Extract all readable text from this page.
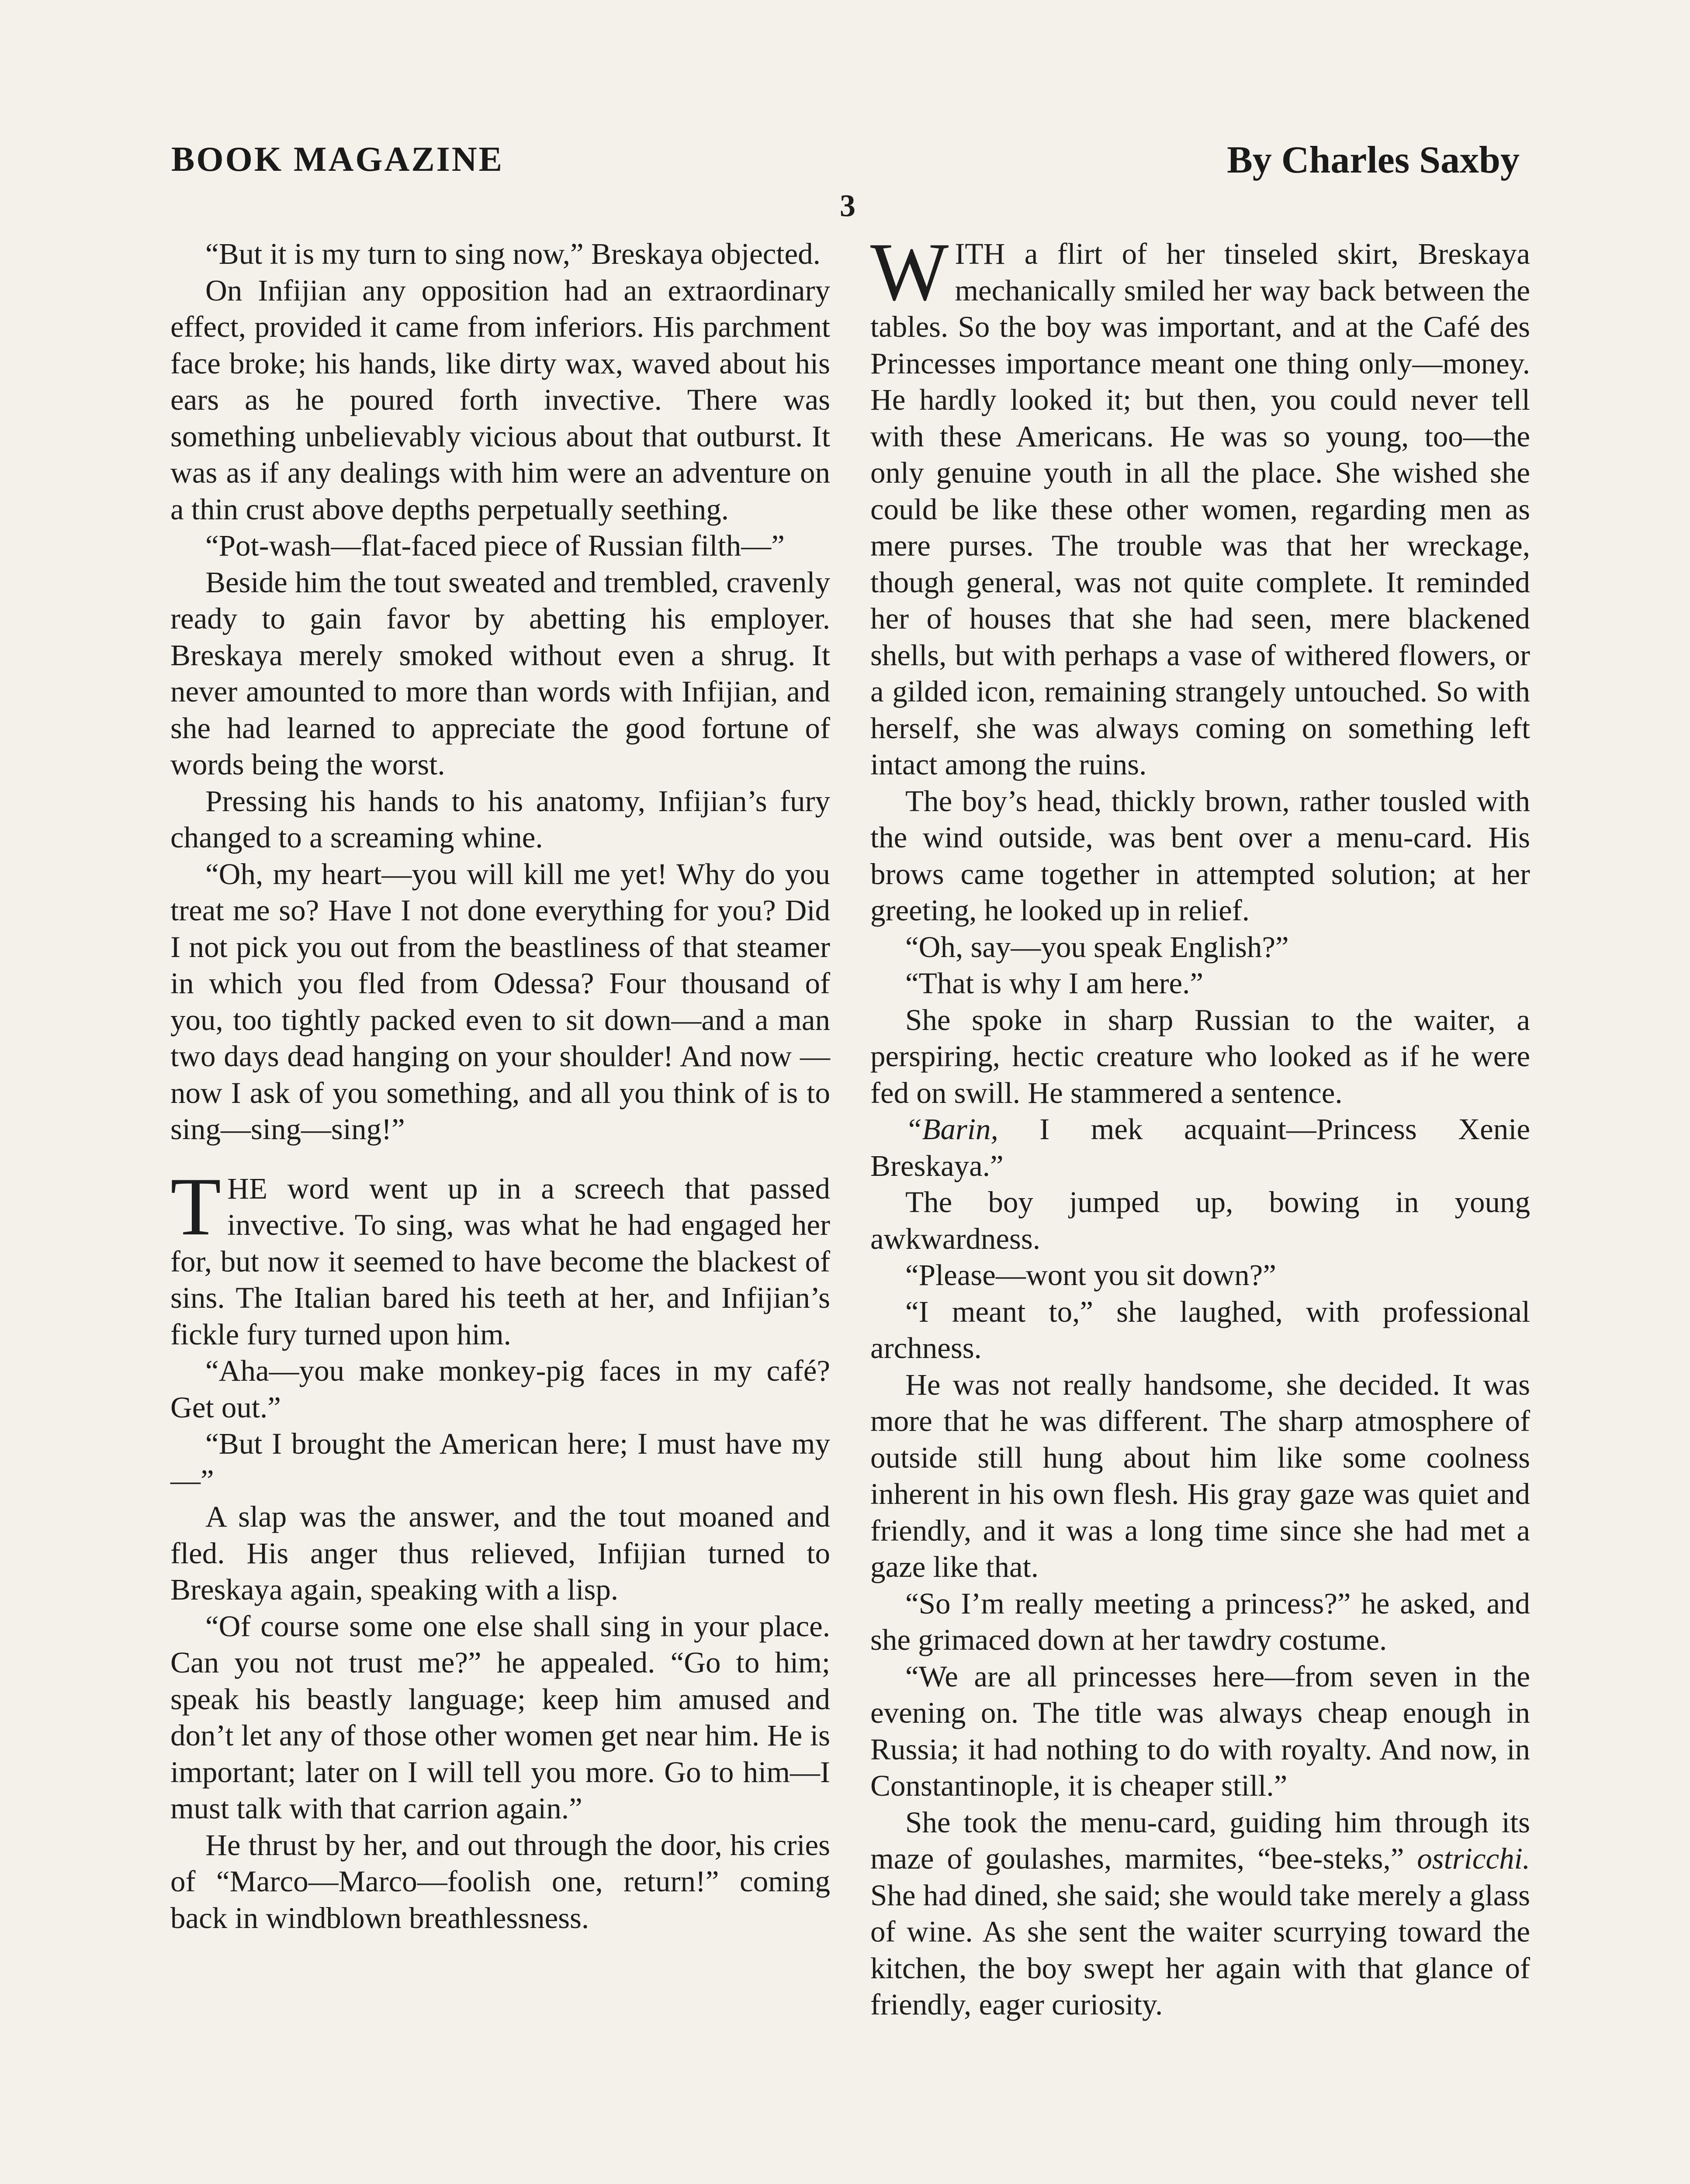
BOOK MAGAZINE	By Charles Saxby
3

“But it is my turn to sing now,” Breskaya objected.

On Infijian any opposition had an extraordinary effect, provided it came from inferiors. His parchment face broke; his hands, like dirty wax, waved about his ears as he poured forth invective. There was something unbelievably vicious about that outburst. It was as if any dealings with him were an adventure on a thin crust above depths perpetually seething.

“Pot-wash—flat-faced piece of Russian filth—”

Beside him the tout sweated and trembled, cravenly ready to gain favor by abetting his employer. Breskaya merely smoked without even a shrug. It never amounted to more than words with Infijian, and she had learned to appreciate the good fortune of words being the worst.

Pressing his hands to his anatomy, Infijian’s fury changed to a screaming whine.

“Oh, my heart—you will kill me yet! Why do you treat me so? Have I not done everything for you? Did I not pick you out from the beastliness of that steamer in which you fled from Odessa? Four thousand of you, too tightly packed even to sit down—and a man two days dead hanging on your shoulder! And now —now I ask of you something, and all you think of is to sing—sing—sing!”

THE word went up in a screech that passed invective. To sing, was what he had engaged her for, but now it seemed to have become the blackest of sins. The Italian bared his teeth at her, and Infijian’s fickle fury turned upon him.

“Aha—you make monkey-pig faces in my café? Get out.”

“But I brought the American here; I must have my—”

A slap was the answer, and the tout moaned and fled. His anger thus relieved, Infijian turned to Breskaya again, speaking with a lisp.

“Of course some one else shall sing in your place. Can you not trust me?” he appealed. “Go to him; speak his beastly language; keep him amused and don’t let any of those other women get near him. He is important; later on I will tell you more. Go to him—I must talk with that carrion again.”

He thrust by her, and out through the door, his cries of “Marco—Marco—foolish one, return!” coming back in windblown breathlessness.

WITH a flirt of her tinseled skirt, Breskaya mechanically smiled her way back between the tables. So the boy was important, and at the Café des Princesses importance meant one thing only—money. He hardly looked it; but then, you could never tell with these Americans. He was so young, too—the only genuine youth in all the place. She wished she could be like these other women, regarding men as mere purses. The trouble was that her wreckage, though general, was not quite complete. It reminded her of houses that she had seen, mere blackened shells, but with perhaps a vase of withered flowers, or a gilded icon, remaining strangely untouched. So with herself, she was always coming on something left intact among the ruins.

The boy’s head, thickly brown, rather tousled with the wind outside, was bent over a menu-card. His brows came together in attempted solution; at her greeting, he looked up in relief.

“Oh, say—you speak English?”

“That is why I am here.”

She spoke in sharp Russian to the waiter, a perspiring, hectic creature who looked as if he were fed on swill. He stammered a sentence.

“Barin, I mek acquaint—Princess Xenie Breskaya.”

The boy jumped up, bowing in young awkwardness.

“Please—wont you sit down?”

“I meant to,” she laughed, with professional archness.

He was not really handsome, she decided. It was more that he was different. The sharp atmosphere of outside still hung about him like some coolness inherent in his own flesh. His gray gaze was quiet and friendly, and it was a long time since she had met a gaze like that.

“So I’m really meeting a princess?” he asked, and she grimaced down at her tawdry costume.

“We are all princesses here—from seven in the evening on. The title was always cheap enough in Russia; it had nothing to do with royalty. And now, in Constantinople, it is cheaper still.”

She took the menu-card, guiding him through its maze of goulashes, marmites, “bee-steks,” ostricchi. She had dined, she said; she would take merely a glass of wine. As she sent the waiter scurrying toward the kitchen, the boy swept her again with that glance of friendly, eager curiosity.
